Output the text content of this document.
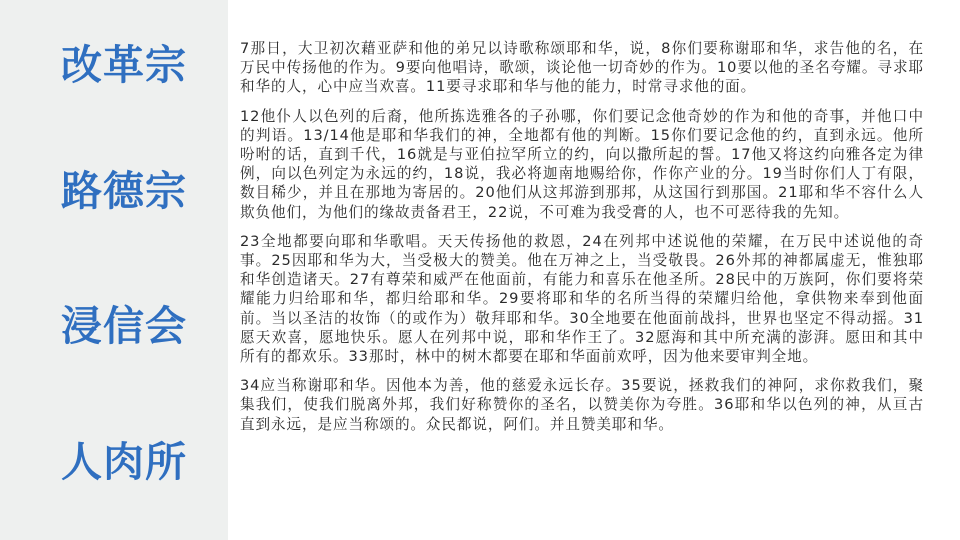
改革宗
路德宗
浸信会
人肉所

7那日，大卫初次藉亚萨和他的弟兄以诗歌称颂耶和华，说，8你们要称谢耶和华，求告他的名，在万民中传扬他的作为。9要向他唱诗，歌颂，谈论他一切奇妙的作为。10要以他的圣名夸耀。寻求耶和华的人，心中应当欢喜。11要寻求耶和华与他的能力，时常寻求他的面。

12他仆人以色列的后裔，他所拣选雅各的子孙哪，你们要记念他奇妙的作为和他的奇事，并他口中的判语。13/14他是耶和华我们的神，全地都有他的判断。15你们要记念他的约，直到永远。他所吩咐的话，直到千代，16就是与亚伯拉罕所立的约，向以撒所起的誓。17他又将这约向雅各定为律例，向以色列定为永远的约，18说，我必将迦南地赐给你，作你产业的分。19当时你们人丁有限，数目稀少，并且在那地为寄居的。20他们从这邦游到那邦，从这国行到那国。21耶和华不容什么人欺负他们，为他们的缘故责备君王，22说，不可难为我受膏的人，也不可恶待我的先知。

23全地都要向耶和华歌唱。天天传扬他的救恩，24在列邦中述说他的荣耀，在万民中述说他的奇事。25因耶和华为大，当受极大的赞美。他在万神之上，当受敬畏。26外邦的神都属虚无，惟独耶和华创造诸天。27有尊荣和威严在他面前，有能力和喜乐在他圣所。28民中的万族阿，你们要将荣耀能力归给耶和华，都归给耶和华。29要将耶和华的名所当得的荣耀归给他，拿供物来奉到他面前。当以圣洁的妆饰（的或作为）敬拜耶和华。30全地要在他面前战抖，世界也坚定不得动摇。31愿天欢喜，愿地快乐。愿人在列邦中说，耶和华作王了。32愿海和其中所充满的澎湃。愿田和其中所有的都欢乐。33那时，林中的树木都要在耶和华面前欢呼，因为他来要审判全地。

34应当称谢耶和华。因他本为善，他的慈爱永远长存。35要说，拯救我们的神阿，求你救我们，聚集我们，使我们脱离外邦，我们好称赞你的圣名，以赞美你为夸胜。36耶和华以色列的神，从亘古直到永远，是应当称颂的。众民都说，阿们。并且赞美耶和华。
